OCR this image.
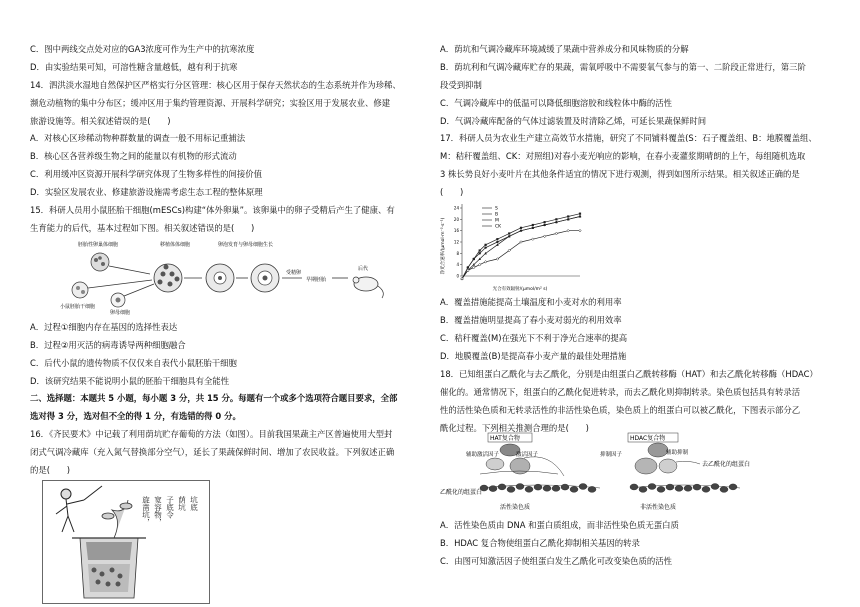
C．图中两线交点处对应的GA3浓度可作为生产中的抗寒浓度
D．由实验结果可知，可溶性糖含量越低，越有利于抗寒
14．泗洪淡水湿地自然保护区严格实行分区管理：核心区用于保存天然状态的生态系统并作为珍稀、
濒危动植物的集中分布区；缓冲区用于集约管理资源、开展科学研究；实验区用于发展农业、修建
旅游设施等。相关叙述错误的是(　　)
A．对核心区珍稀动物种群数量的调查一般不用标记重捕法
B．核心区各营养级生物之间的能量以有机物的形式流动
C．利用缓冲区资源开展科学研究体现了生物多样性的间接价值
D．实验区发展农业、修建旅游设施需考虑生态工程的整体原理
15．科研人员用小鼠胚胎干细胞(mESCs)构建“体外卵巢”。该卵巢中的卵子受精后产生了健康、有
生育能力的后代，基本过程如下图。相关叙述错误的是(　　)
胚胎性卵巢体细胞	移植体体细胞	卵泡发育与卵母细胞生长
小鼠胚胎干细胞
卵母细胞
受精卵
早期胚胎
后代
A．过程①细胞内存在基因的选择性表达
B．过程②用灭活的病毒诱导两种细胞融合
C．后代小鼠的遗传物质不仅仅来自表代小鼠胚胎干细胞
D．该研究结果不能说明小鼠的胚胎干细胞具有全能性
二、选择题：本题共 5 小题，每小题 3 分，共 15 分。每题有一个或多个选项符合题目要求，全部
选对得 3 分，选对但不全的得 1 分，有选错的得 0 分。
16．《齐民要术》中记载了利用荫坑贮存葡萄的方法（如图）。目前我国果蔬主产区普遍使用大型封
闭式气调冷藏库（充入氮气替换部分空气），延长了果蔬保鲜时间、增加了农民收益。下列叙述正确
的是(　　)
旋凿坑， 宽容物， 子底令 荫坑 坑底
A．荫坑和气调冷藏库环境减缓了果蔬中营养成分和风味物质的分解
B．荫坑利和气调冷藏库贮存的果蔬，需氧呼吸中不需要氧气参与的第一、二阶段正常进行，第三阶
段受到抑制
C．气调冷藏库中的低温可以降低细胞溶胶和线粒体中酶的活性
D．气调冷藏库配备的气体过滤装置及时清除乙烯，可延长果蔬保鲜时间
17．科研人员为农业生产建立高效节水措施，研究了不同铺料覆盖(S：石子覆盖组、B：地膜覆盖组、
M：秸秆覆盖组、CK：对照组)对春小麦光响应的影响，在春小麦灌浆期晴朗的上午，每组随机选取
3 株长势良好小麦叶片在其他条件适宜的情况下进行观测，得到如图所示结果。相关叙述正确的是
(　　)
净光合速率/(μmol·m⁻²·s⁻¹)
光合有效辐射/(μmol/m² s)
0
4
8
12
16
20
24	S
B
M
CK
A．覆盖措施能提高土壤温度和小麦对水的利用率
B．覆盖措施明显提高了春小麦对弱光的利用效率
C．秸秆覆盖(M)在强光下不利于净光合速率的提高
D．地膜覆盖(B)是提高春小麦产量的最佳处理措施
18．已知组蛋白乙酰化与去乙酰化，分别是由组蛋白乙酰转移酶（HAT）和去乙酰化转移酶（HDAC）
催化的。通常情况下，组蛋白的乙酰化促进转录，而去乙酰化则抑制转录。染色质包括具有转录活
性的活性染色质和无转录活性的非活性染色质，染色质上的组蛋白可以被乙酰化，下图表示部分乙
酰化过程。下列相关推测合理的是(　　)
HAT复合物
辅助激活因子	激活因子
乙酰化的组蛋白
活性染色质
HDAC复合物
抑制因子	辅助抑制
去乙酰化的组蛋白
非活性染色质
A．活性染色质由 DNA 和蛋白质组成，而非活性染色质无蛋白质
B．HDAC 复合物使组蛋白乙酰化抑制相关基因的转录
C．由图可知激活因子使组蛋白发生乙酰化可改变染色质的活性
